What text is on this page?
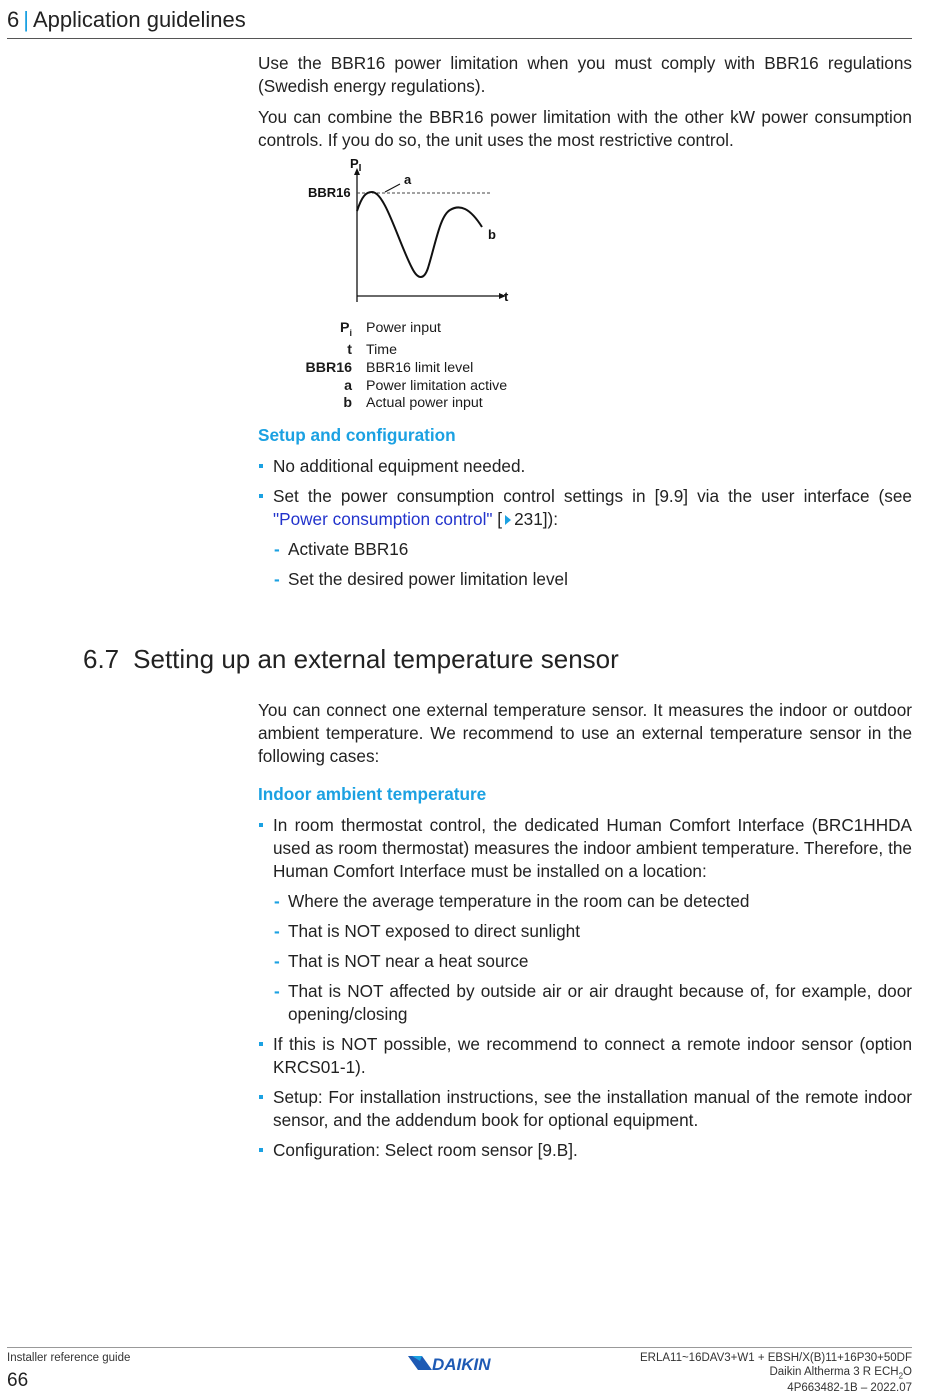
6 | Application guidelines

Use the BBR16 power limitation when you must comply with BBR16 regulations (Swedish energy regulations).

You can combine the BBR16 power limitation with the other kW power consumption controls. If you do so, the unit uses the most restrictive control.

$P_I$
BBR16
a
b
t
$P_i$ Power input
t Time
BBR16 BBR16 limit level
a Power limitation active
b Actual power input
Setup and configuration
No additional equipment needed.
Set the power consumption control settings in [9.9] via the user interface (see "Power consumption control" [ 231]):
- Activate BBR16
- Set the desired power limitation level
6.7 Setting up an external temperature sensor

You can connect one external temperature sensor. It measures the indoor or outdoor ambient temperature. We recommend to use an external temperature sensor in the following cases:

Indoor ambient temperature
In room thermostat control, the dedicated Human Comfort Interface (BRC1HHDA used as room thermostat) measures the indoor ambient temperature. Therefore, the Human Comfort Interface must be installed on a location:
- Where the average temperature in the room can be detected
- That is NOT exposed to direct sunlight
- That is NOT near a heat source
- That is NOT affected by outside air or air draught because of, for example, door opening/closing
If this is NOT possible, we recommend to connect a remote indoor sensor (option KRCS01-1).
Setup: For installation instructions, see the installation manual of the remote indoor sensor, and the addendum book for optional equipment.
Configuration: Select room sensor [9.B].
Installer reference guide
66
DAIKIN	ERLA11~16DAV3+W1 + EBSH/X(B)11+16P30+50DF
Daikin Altherma 3 R $ECH_2O$
4P663482-1B – 2022.07
